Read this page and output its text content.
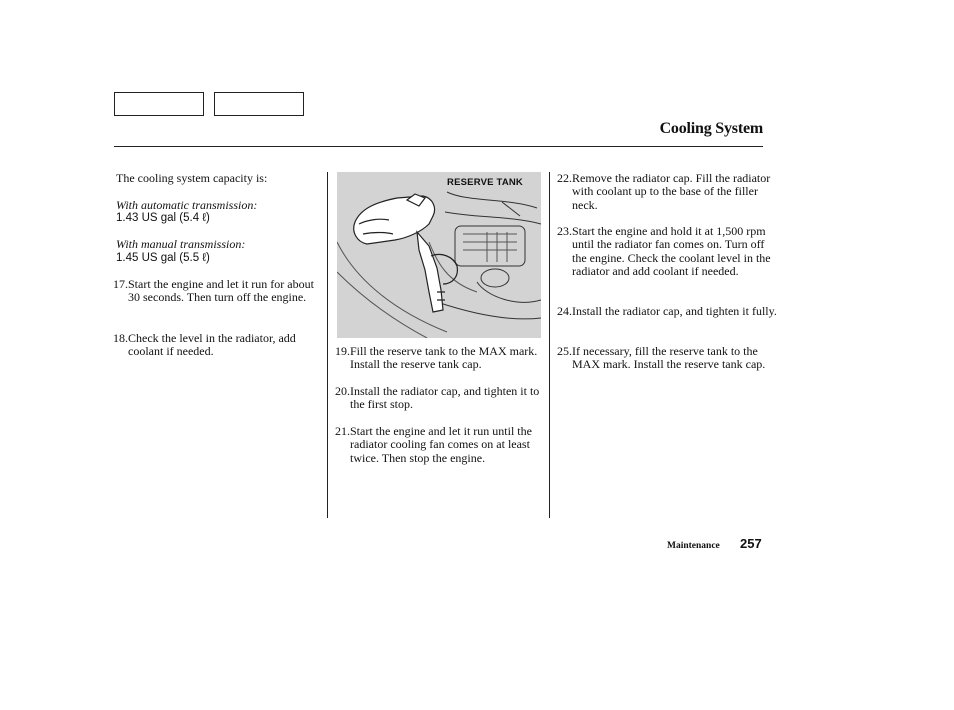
Cooling System
The cooling system capacity is:
With automatic transmission:
1.43 US gal (5.4 ℓ)
With manual transmission:
1.45 US gal (5.5 ℓ)
17.Start the engine and let it run for about 30 seconds. Then turn off the engine.
18.Check the level in the radiator, add coolant if needed.
RESERVE TANK
19.Fill the reserve tank to the MAX mark. Install the reserve tank cap.
20.Install the radiator cap, and tighten it to the first stop.
21.Start the engine and let it run until the radiator cooling fan comes on at least twice. Then stop the engine.
22.Remove the radiator cap. Fill the radiator with coolant up to the base of the filler neck.
23.Start the engine and hold it at 1,500 rpm until the radiator fan comes on. Turn off the engine. Check the coolant level in the radiator and add coolant if needed.
24.Install the radiator cap, and tighten it fully.
25.If necessary, fill the reserve tank to the MAX mark. Install the reserve tank cap.
Maintenance 257
